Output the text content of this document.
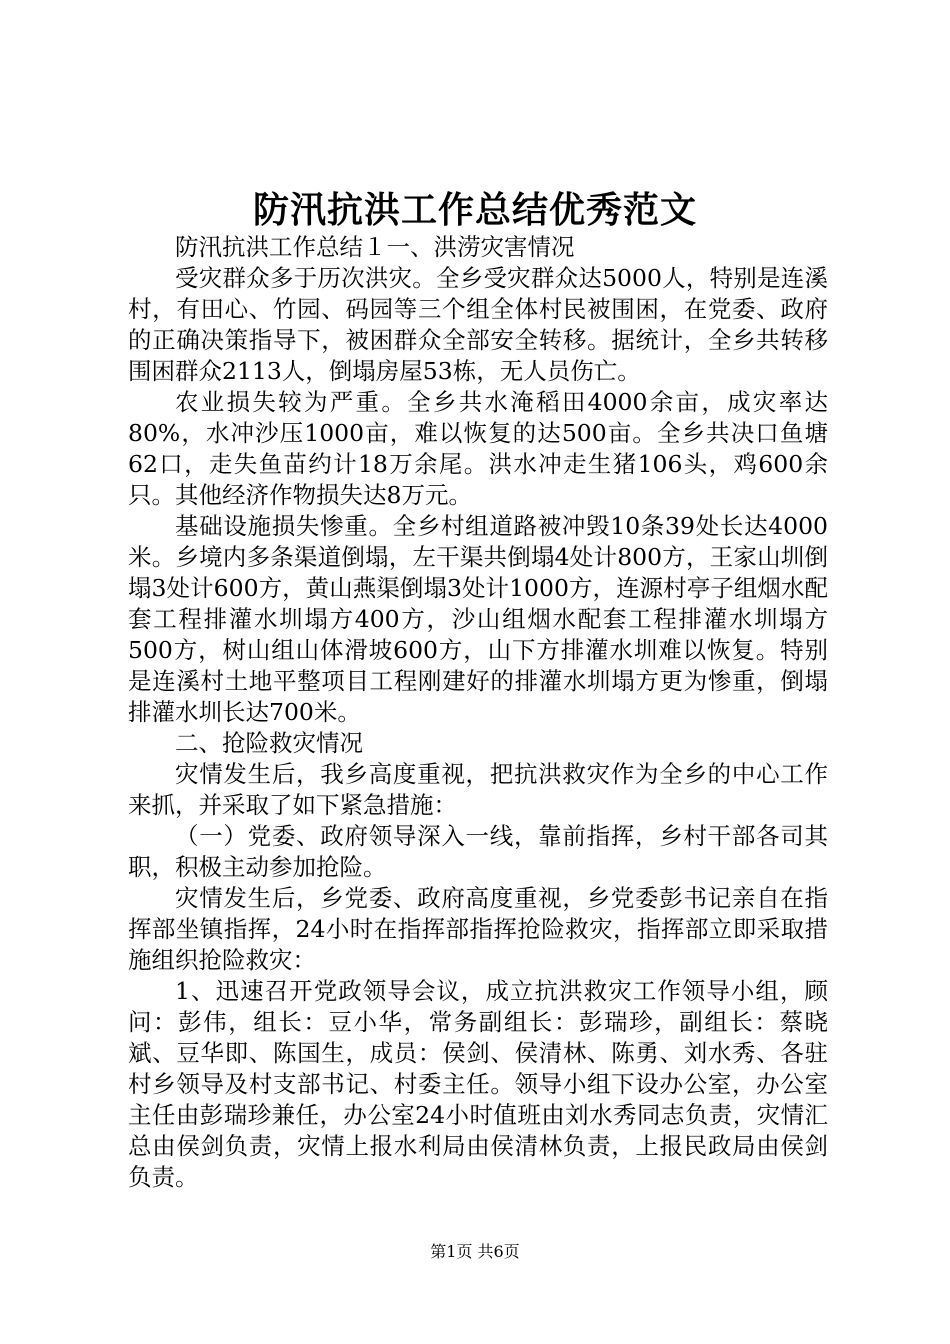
防汛抗洪工作总结优秀范文

防汛抗洪工作总结１一、洪涝灾害情况

受灾群众多于历次洪灾。全乡受灾群众达5000人，特别是连溪村，有田心、竹园、码园等三个组全体村民被围困，在党委、政府的正确决策指导下，被困群众全部安全转移。据统计，全乡共转移围困群众2113人，倒塌房屋53栋，无人员伤亡。

农业损失较为严重。全乡共水淹稻田4000余亩，成灾率达80%，水冲沙压1000亩，难以恢复的达500亩。全乡共决口鱼塘62口，走失鱼苗约计18万余尾。洪水冲走生猪106头，鸡600余只。其他经济作物损失达8万元。

基础设施损失惨重。全乡村组道路被冲毁10条39处长达4000米。乡境内多条渠道倒塌，左干渠共倒塌4处计800方，王家山圳倒塌3处计600方，黄山燕渠倒塌3处计1000方，连源村亭子组烟水配套工程排灌水圳塌方400方，沙山组烟水配套工程排灌水圳塌方500方，树山组山体滑坡600方，山下方排灌水圳难以恢复。特别是连溪村土地平整项目工程刚建好的排灌水圳塌方更为惨重，倒塌排灌水圳长达700米。

二、抢险救灾情况

灾情发生后，我乡高度重视，把抗洪救灾作为全乡的中心工作来抓，并采取了如下紧急措施：

（一）党委、政府领导深入一线，靠前指挥，乡村干部各司其职，积极主动参加抢险。

灾情发生后，乡党委、政府高度重视，乡党委彭书记亲自在指挥部坐镇指挥，24小时在指挥部指挥抢险救灾，指挥部立即采取措施组织抢险救灾：

1、迅速召开党政领导会议，成立抗洪救灾工作领导小组，顾问：彭伟，组长：豆小华，常务副组长：彭瑞珍，副组长：蔡晓斌、豆华即、陈国生，成员：侯剑、侯清林、陈勇、刘水秀、各驻村乡领导及村支部书记、村委主任。领导小组下设办公室，办公室主任由彭瑞珍兼任，办公室24小时值班由刘水秀同志负责，灾情汇总由侯剑负责，灾情上报水利局由侯清林负责，上报民政局由侯剑负责。

第1页 共6页
